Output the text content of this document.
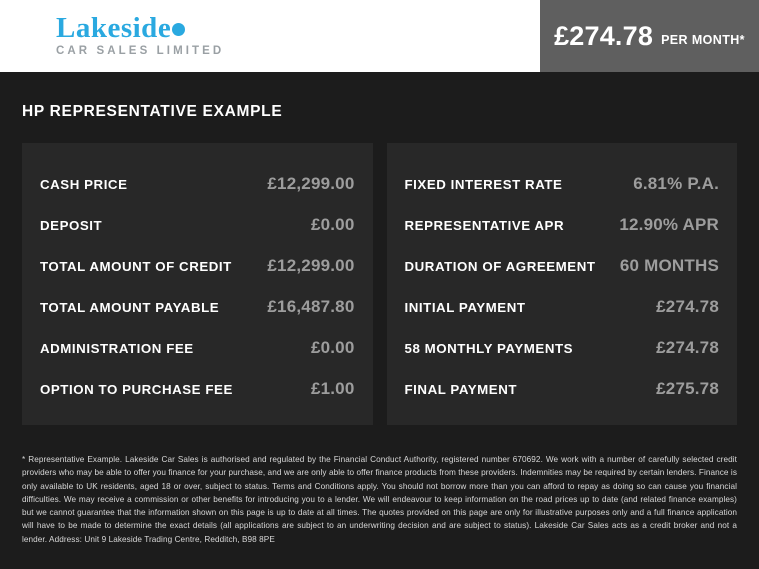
Lakeside
CAR SALES LIMITED
£274.78 PER MONTH*
HP REPRESENTATIVE EXAMPLE
CASH PRICE	£12,299.00
DEPOSIT	£0.00
TOTAL AMOUNT OF CREDIT £12,299.00
TOTAL AMOUNT PAYABLE	£16,487.80
ADMINISTRATION FEE	£0.00
OPTION TO PURCHASE FEE	£1.00
FIXED INTEREST RATE	6.81% P.A.
REPRESENTATIVE APR	12.90% APR
DURATION OF AGREEMENT 60 MONTHS
INITIAL PAYMENT	£274.78
58 MONTHLY PAYMENTS	£274.78
FINAL PAYMENT	£275.78
* Representative Example. Lakeside Car Sales is authorised and regulated by the Financial Conduct Authority, registered number 670692. We work with a number of carefully selected credit providers who may be able to offer you finance for your purchase, and we are only able to offer finance products from these providers. Indemnities may be required by certain lenders. Finance is only available to UK residents, aged 18 or over, subject to status. Terms and Conditions apply. You should not borrow more than you can afford to repay as doing so can cause you financial difficulties. We may receive a commission or other benefits for introducing you to a lender. We will endeavour to keep information on the road prices up to date (and related finance examples) but we cannot guarantee that the information shown on this page is up to date at all times. The quotes provided on this page are only for illustrative purposes only and a full finance application will have to be made to determine the exact details (all applications are subject to an underwriting decision and are subject to status). Lakeside Car Sales acts as a credit broker and not a lender. Address: Unit 9 Lakeside Trading Centre, Redditch, B98 8PE
